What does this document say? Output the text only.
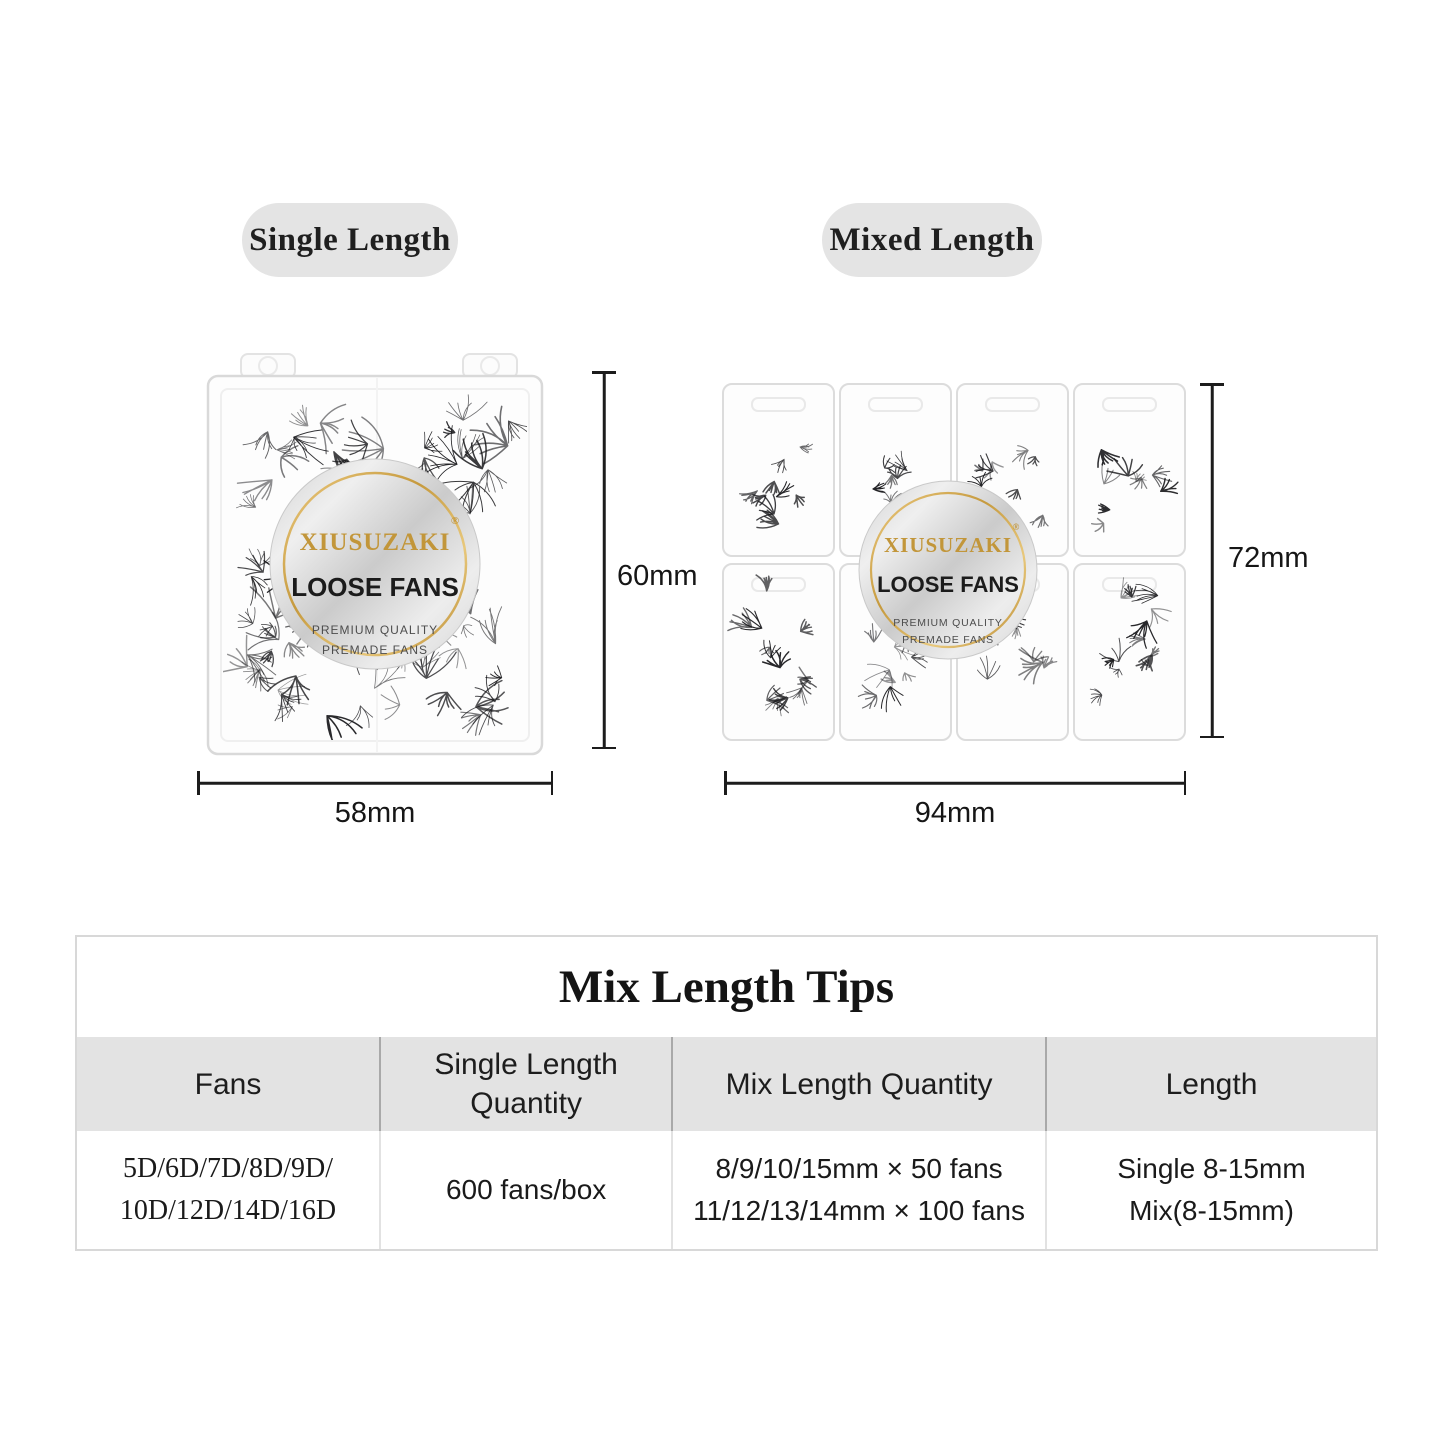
Single Length	Mixed Length
XIUSUZAKI
®
LOOSE FANS
PREMIUM QUALITY
PREMADE FANS
XIUSUZAKI
®
LOOSE FANS
PREMIUM QUALITY
PREMADE FANS
60mm
58mm
72mm
94mm
Mix Length Tips
Fans
Single Length Quantity
Mix Length Quantity	Length
5D/6D/7D/8D/9D/
10D/12D/14D/16D
600 fans/box
8/9/10/15mm × 50 fans
11/12/13/14mm × 100 fans
Single 8-15mm
Mix(8-15mm)
